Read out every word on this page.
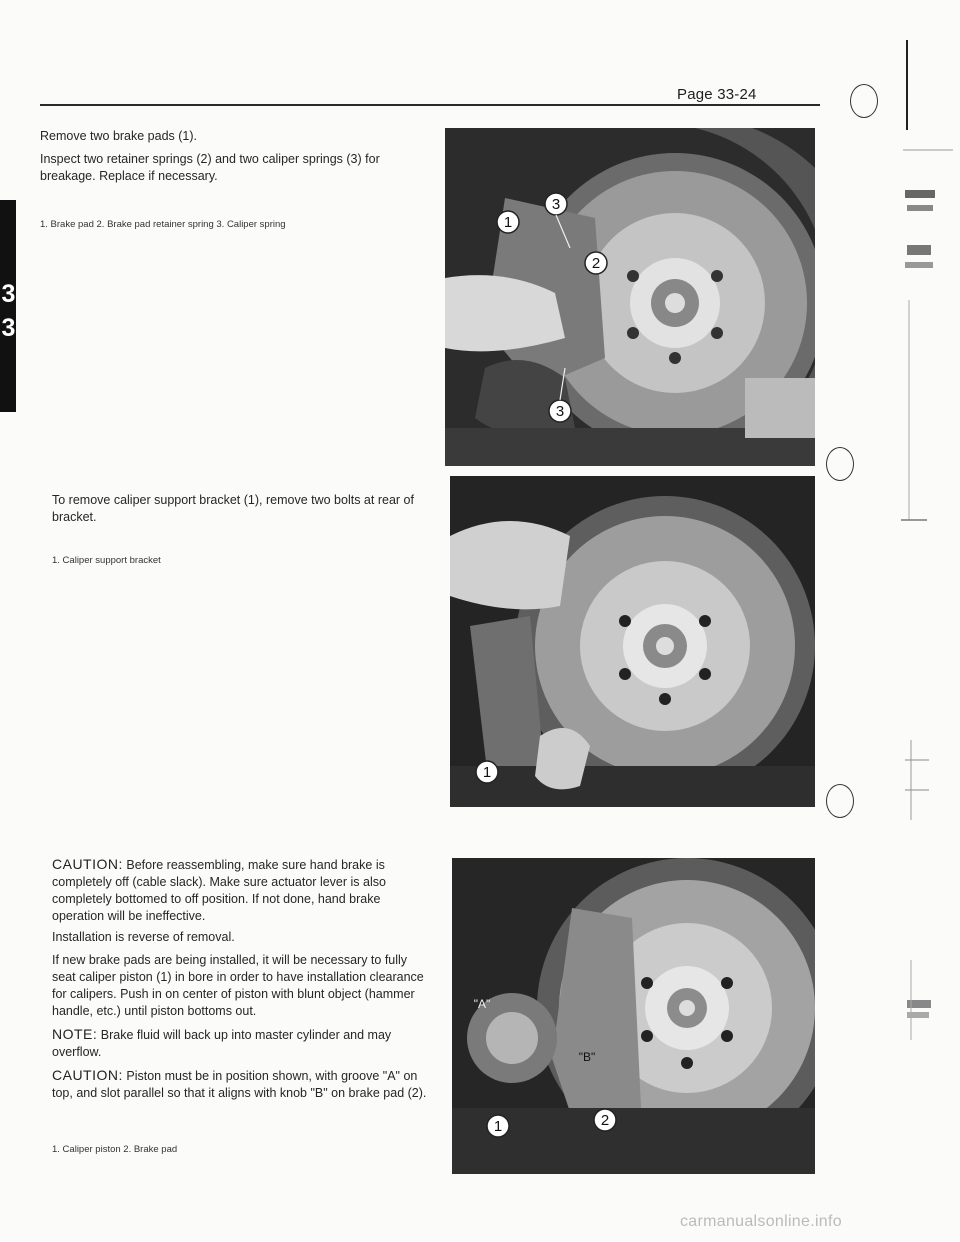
Page 33-24
3
3

Remove two brake pads (1).

Inspect two retainer springs (2) and two caliper springs (3) for breakage. Replace if necessary.

1. Brake pad 2. Brake pad retainer spring 3. Caliper spring
3
1
2
3

To remove caliper support bracket (1), remove two bolts at rear of bracket.

1. Caliper support bracket
1

CAUTION: Before reassembling, make sure hand brake is completely off (cable slack). Make sure actuator lever is also completely bottomed to off position. If not done, hand brake operation will be ineffective.

Installation is reverse of removal.

If new brake pads are being installed, it will be necessary to fully seat caliper piston (1) in bore in order to have installation clearance for calipers. Push in on center of piston with blunt object (hammer handle, etc.) until piston bottoms out.

NOTE: Brake fluid will back up into master cylinder and may overflow.

CAUTION: Piston must be in position shown, with groove "A" on top, and slot parallel so that it aligns with knob "B" on brake pad (2).

1. Caliper piston 2. Brake pad
"A"
"B"
1	2
carmanualsonline.info
